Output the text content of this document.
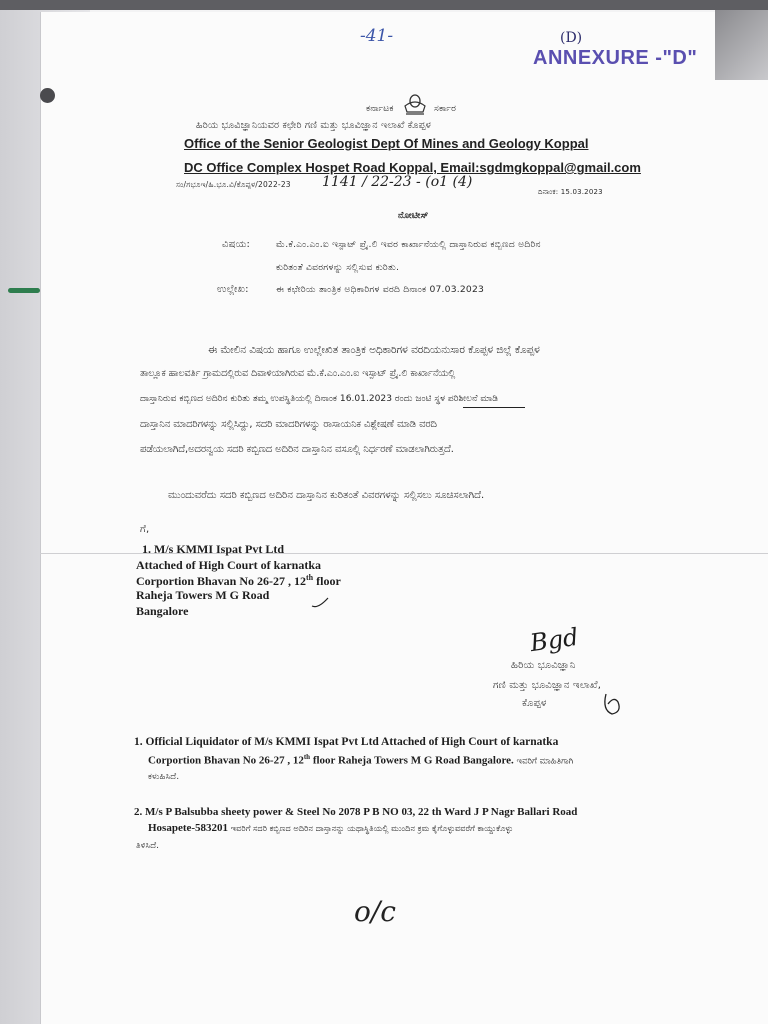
-41-	(D)
ANNEXURE -"D"
ಕರ್ನಾಟಕ	ಸರ್ಕಾರ
ಹಿರಿಯ ಭೂವಿಜ್ಞಾನಿಯವರ ಕಛೇರಿ ಗಣಿ ಮತ್ತು ಭೂವಿಜ್ಞಾನ ಇಲಾಖೆ ಕೊಪ್ಪಳ
Office of the Senior Geologist Dept Of Mines and Geology Koppal
DC Office Complex Hospet Road Koppal, Email:sgdmgkoppal@gmail.com
ಸಂ/ಗಭೂಇ/ಹಿ.ಭೂ.ವಿ/ಕೊಪ್ಪಳ/2022-23 1141 / 22-23 - (o1 (4)
ದಿನಾಂಕ: 15.03.2023
ನೋಟೀಸ್
ವಿಷಯ:	ಮೆ.ಕೆ.ಎಂ.ಎಂ.ಐ ಇಸ್ಪಾಟ್ ಪ್ರೈ.ಲಿ ಇವರ ಕಾರ್ಖಾನೆಯಲ್ಲಿ ದಾಸ್ತಾನಿರುವ ಕಬ್ಬಿಣದ ಅದಿರಿನ
ಕುರಿತಂತೆ ವಿವರಗಳನ್ನು ಸಲ್ಲಿಸುವ ಕುರಿತು.
ಉಲ್ಲೇಖ:	ಈ ಕಛೇರಿಯ ತಾಂತ್ರಿಕ ಅಧಿಕಾರಿಗಳ ವರದಿ ದಿನಾಂಕ 07.03.2023
ಈ ಮೇಲಿನ ವಿಷಯ ಹಾಗೂ ಉಲ್ಲೇಖಿತ ತಾಂತ್ರಿಕ ಅಧಿಕಾರಿಗಳ ವರದಿಯನುಸಾರ ಕೊಪ್ಪಳ ಜಿಲ್ಲೆ ಕೊಪ್ಪಳ
ತಾಲ್ಲೂಕ ಹಾಲವರ್ತಿ ಗ್ರಾಮದಲ್ಲಿರುವ ದಿವಾಳಿಯಾಗಿರುವ ಮೆ.ಕೆ.ಎಂ.ಎಂ.ಐ ಇಸ್ಪಾಟ್ ಪ್ರೈ.ಲಿ ಕಾರ್ಖಾನೆಯಲ್ಲಿ
ದಾಸ್ತಾನಿರುವ ಕಬ್ಬಿಣದ ಅದಿರಿನ ಕುರಿತು ತಮ್ಮ ಉಪಸ್ಥಿತಿಯಲ್ಲಿ ದಿನಾಂಕ 16.01.2023 ರಂದು ಜಂಟಿ ಸ್ಥಳ ಪರಿಶೀಲನೆ ಮಾಡಿ
ದಾಸ್ತಾನಿನ ಮಾದರಿಗಳನ್ನು ಸಲ್ಲಿಸಿದ್ದು, ಸದರಿ ಮಾದರಿಗಳನ್ನು ರಾಸಾಯನಿಕ ವಿಶ್ಲೇಷಣೆ ಮಾಡಿ ವರದಿ
ಪಡೆಯಲಾಗಿದೆ,ಅದರನ್ವಯ ಸದರಿ ಕಬ್ಬಿಣದ ಅದಿರಿನ ದಾಸ್ತಾನಿನ ವಸೂಲ್ಲಿ ನಿರ್ಧರಣೆ ಮಾಡಲಾಗಿರುತ್ತದೆ.
ಮುಂದುವರೆದು ಸದರಿ ಕಬ್ಬಿಣದ ಅದಿರಿನ ದಾಸ್ತಾನಿನ ಕುರಿತಂತೆ ವಿವರಗಳನ್ನು ಸಲ್ಲಿಸಲು ಸೂಚಿಸಲಾಗಿದೆ.
ಗೆ,
1. M/s KMMI Ispat Pvt Ltd
Attached of High Court of karnatka
Corportion Bhavan No 26-27 , 12th floor
Raheja Towers M G Road
Bangalore
Bgd
ಹಿರಿಯ ಭೂವಿಜ್ಞಾನಿ
ಗಣಿ ಮತ್ತು ಭೂವಿಜ್ಞಾನ ಇಲಾಖೆ,
ಕೊಪ್ಪಳ
1. Official Liquidator of M/s KMMI Ispat Pvt Ltd Attached of High Court of karnatka
Corportion Bhavan No 26-27 , 12th floor Raheja Towers M G Road Bangalore. ಇವರಿಗೆ ಮಾಹಿತಿಗಾಗಿ
ಕಳುಹಿಸಿದೆ.
2. M/s P Balsubba sheety power & Steel No 2078 P B NO 03, 22 th Ward J P Nagr Ballari Road
Hosapete-583201 ಇವರಿಗೆ ಸದರಿ ಕಬ್ಬಿಣದ ಅದಿರಿನ ದಾಸ್ತಾನನ್ನು ಯಥಾಸ್ಥಿತಿಯಲ್ಲಿ ಮುಂದಿನ ಕ್ರಮ ಕೈಗೊಳ್ಳುವವರೆಗೆ ಕಾಯ್ದುಕೊಳ್ಳು
ತಿಳಿಸಿದೆ.
o/c
